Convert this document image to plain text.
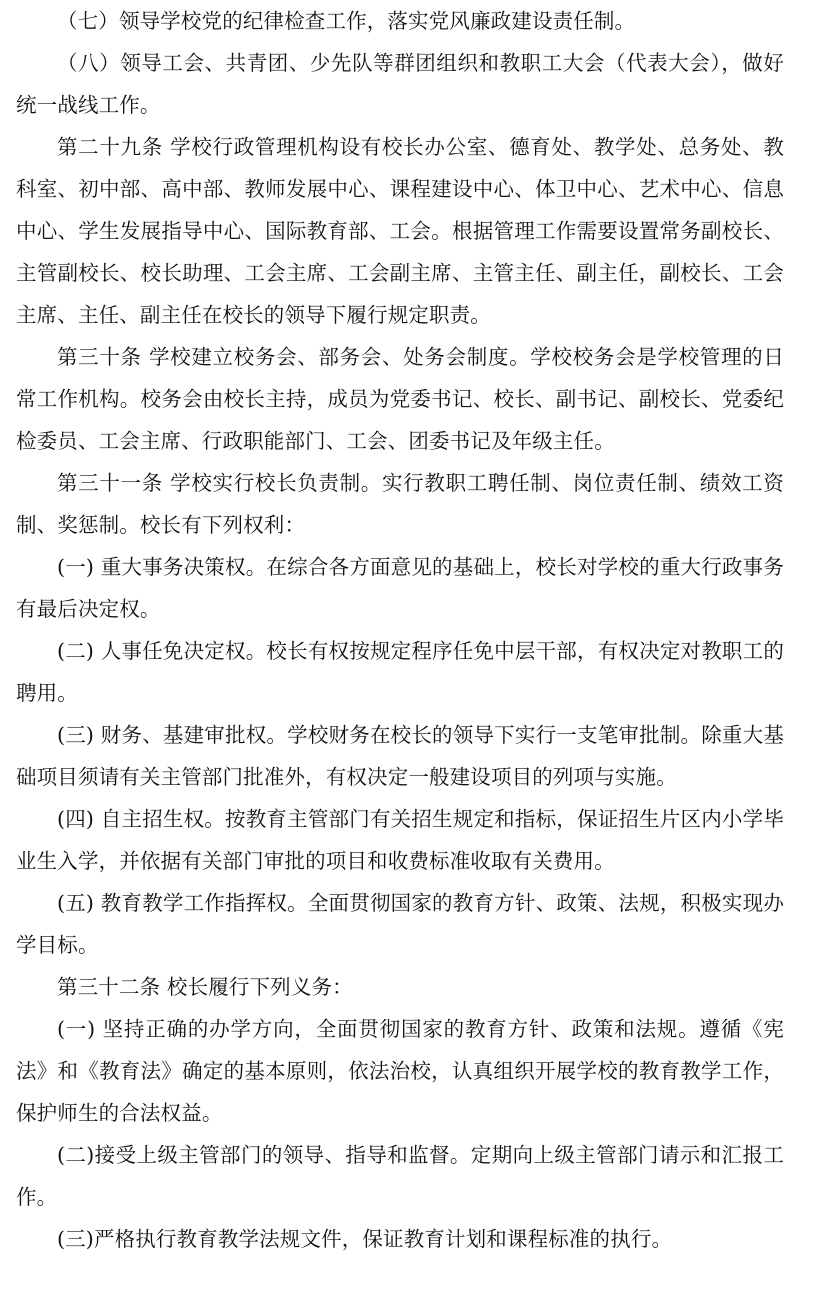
（七）领导学校党的纪律检查工作，落实党风廉政建设责任制。

（八）领导工会、共青团、少先队等群团组织和教职工大会（代表大会），做好统一战线工作。

第二十九条 学校行政管理机构设有校长办公室、德育处、教学处、总务处、教科室、初中部、高中部、教师发展中心、课程建设中心、体卫中心、艺术中心、信息中心、学生发展指导中心、国际教育部、工会。根据管理工作需要设置常务副校长、主管副校长、校长助理、工会主席、工会副主席、主管主任、副主任，副校长、工会主席、主任、副主任在校长的领导下履行规定职责。

第三十条 学校建立校务会、部务会、处务会制度。学校校务会是学校管理的日常工作机构。校务会由校长主持，成员为党委书记、校长、副书记、副校长、党委纪检委员、工会主席、行政职能部门、工会、团委书记及年级主任。

第三十一条 学校实行校长负责制。实行教职工聘任制、岗位责任制、绩效工资制、奖惩制。校长有下列权利：

(一) 重大事务决策权。在综合各方面意见的基础上，校长对学校的重大行政事务有最后决定权。

(二) 人事任免决定权。校长有权按规定程序任免中层干部，有权决定对教职工的聘用。

(三) 财务、基建审批权。学校财务在校长的领导下实行一支笔审批制。除重大基础项目须请有关主管部门批准外，有权决定一般建设项目的列项与实施。

(四) 自主招生权。按教育主管部门有关招生规定和指标，保证招生片区内小学毕业生入学，并依据有关部门审批的项目和收费标准收取有关费用。

(五) 教育教学工作指挥权。全面贯彻国家的教育方针、政策、法规，积极实现办学目标。

第三十二条 校长履行下列义务：

(一) 坚持正确的办学方向，全面贯彻国家的教育方针、政策和法规。遵循《宪法》和《教育法》确定的基本原则，依法治校，认真组织开展学校的教育教学工作，保护师生的合法权益。

(二)接受上级主管部门的领导、指导和监督。定期向上级主管部门请示和汇报工作。

(三)严格执行教育教学法规文件，保证教育计划和课程标准的执行。
